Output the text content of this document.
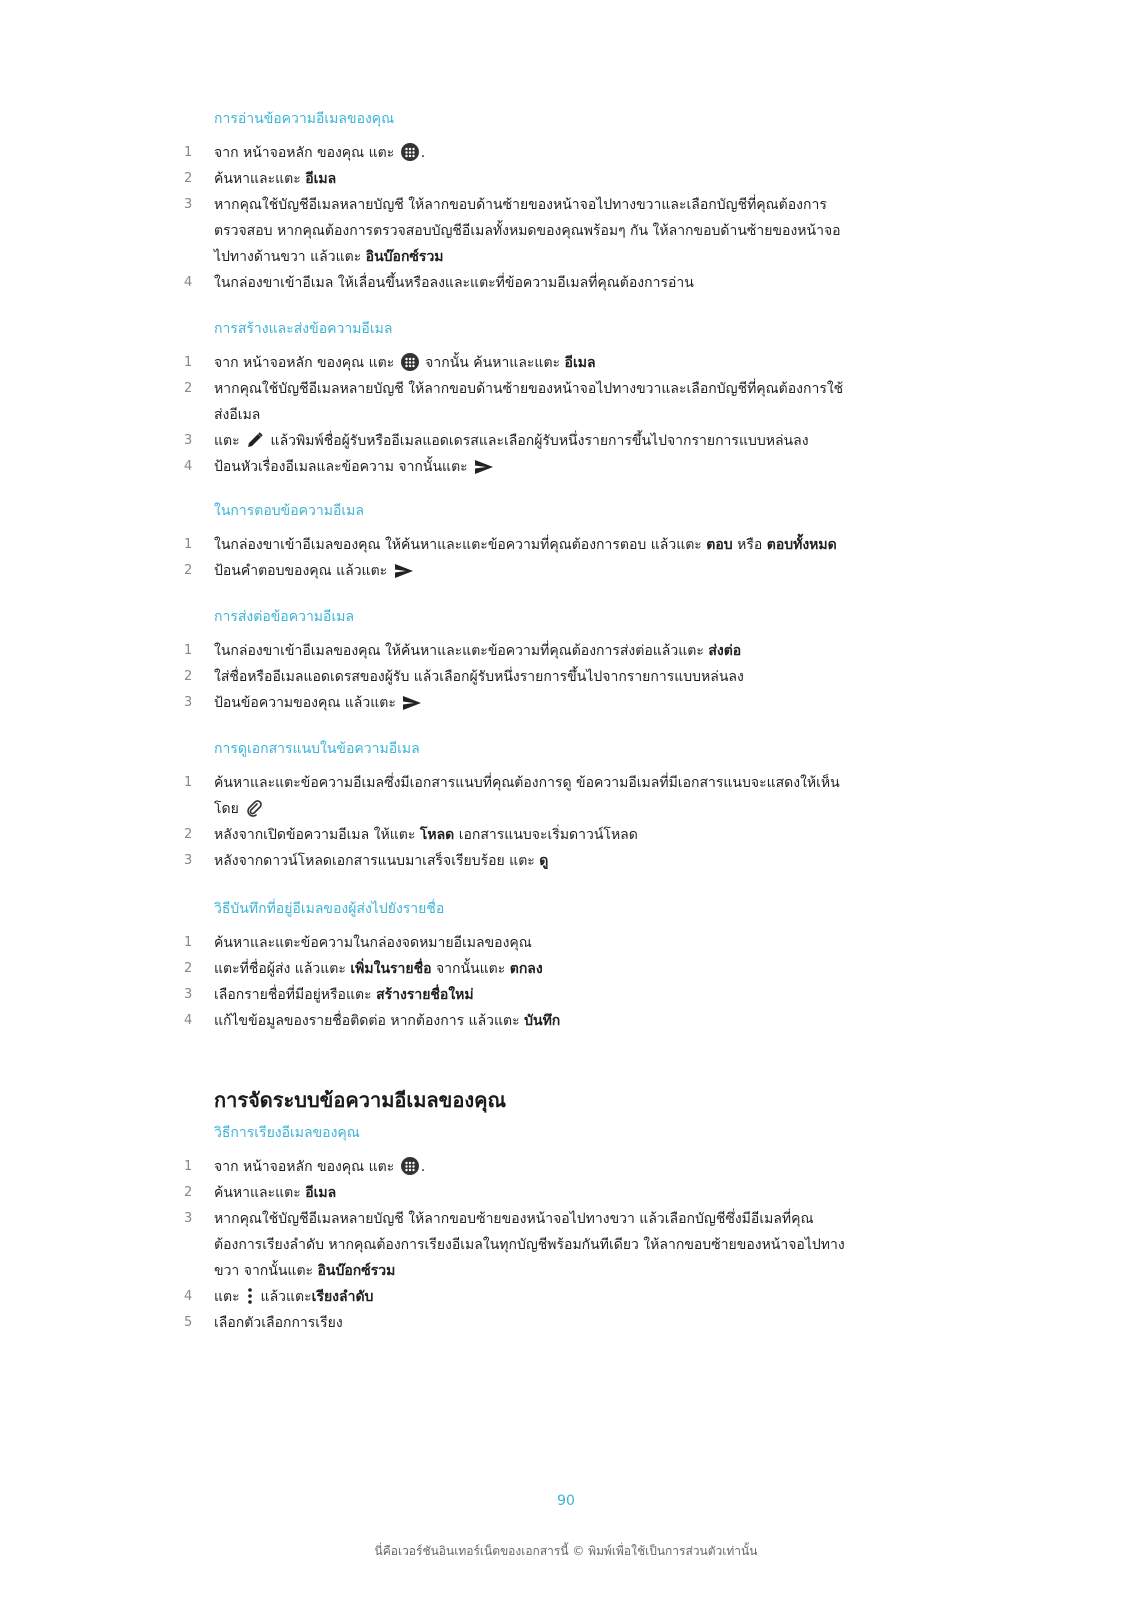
การอ่านข้อความอีเมลของคุณ
1	จาก หน้าจอหลัก ของคุณ แตะ .
2	ค้นหาและแตะ อีเมล
3	หากคุณใช้บัญชีอีเมลหลายบัญชี ให้ลากขอบด้านซ้ายของหน้าจอไปทางขวาและเลือกบัญชีที่คุณต้องการ
ตรวจสอบ หากคุณต้องการตรวจสอบบัญชีอีเมลทั้งหมดของคุณพร้อมๆ กัน ให้ลากขอบด้านซ้ายของหน้าจอ
ไปทางด้านขวา แล้วแตะ อินบ๊อกซ์รวม
4	ในกล่องขาเข้าอีเมล ให้เลื่อนขึ้นหรือลงและแตะที่ข้อความอีเมลที่คุณต้องการอ่าน
การสร้างและส่งข้อความอีเมล
1	จาก หน้าจอหลัก ของคุณ แตะ  จากนั้น ค้นหาและแตะ อีเมล
2	หากคุณใช้บัญชีอีเมลหลายบัญชี ให้ลากขอบด้านซ้ายของหน้าจอไปทางขวาและเลือกบัญชีที่คุณต้องการใช้
ส่งอีเมล
3	แตะ  แล้วพิมพ์ชื่อผู้รับหรืออีเมลแอดเดรสและเลือกผู้รับหนึ่งรายการขึ้นไปจากรายการแบบหล่นลง
4	ป้อนหัวเรื่องอีเมลและข้อความ จากนั้นแตะ
ในการตอบข้อความอีเมล
1	ในกล่องขาเข้าอีเมลของคุณ ให้ค้นหาและแตะข้อความที่คุณต้องการตอบ แล้วแตะ ตอบ หรือ ตอบทั้งหมด
2	ป้อนคำตอบของคุณ แล้วแตะ
การส่งต่อข้อความอีเมล
1	ในกล่องขาเข้าอีเมลของคุณ ให้ค้นหาและแตะข้อความที่คุณต้องการส่งต่อแล้วแตะ ส่งต่อ
2	ใส่ชื่อหรืออีเมลแอดเดรสของผู้รับ แล้วเลือกผู้รับหนึ่งรายการขึ้นไปจากรายการแบบหล่นลง
3	ป้อนข้อความของคุณ แล้วแตะ
การดูเอกสารแนบในข้อความอีเมล
1	ค้นหาและแตะข้อความอีเมลซึ่งมีเอกสารแนบที่คุณต้องการดู ข้อความอีเมลที่มีเอกสารแนบจะแสดงให้เห็น
โดย
2	หลังจากเปิดข้อความอีเมล ให้แตะ โหลด เอกสารแนบจะเริ่มดาวน์โหลด
3	หลังจากดาวน์โหลดเอกสารแนบมาเสร็จเรียบร้อย แตะ ดู
วิธีบันทึกที่อยู่อีเมลของผู้ส่งไปยังรายชื่อ
1	ค้นหาและแตะข้อความในกล่องจดหมายอีเมลของคุณ
2	แตะที่ชื่อผู้ส่ง แล้วแตะ เพิ่มในรายชื่อ จากนั้นแตะ ตกลง
3	เลือกรายชื่อที่มีอยู่หรือแตะ สร้างรายชื่อใหม่
4	แก้ไขข้อมูลของรายชื่อติดต่อ หากต้องการ แล้วแตะ บันทึก
การจัดระบบข้อความอีเมลของคุณ
วิธีการเรียงอีเมลของคุณ
1	จาก หน้าจอหลัก ของคุณ แตะ .
2	ค้นหาและแตะ อีเมล
3	หากคุณใช้บัญชีอีเมลหลายบัญชี ให้ลากขอบซ้ายของหน้าจอไปทางขวา แล้วเลือกบัญชีซึ่งมีอีเมลที่คุณ
ต้องการเรียงลำดับ หากคุณต้องการเรียงอีเมลในทุกบัญชีพร้อมกันทีเดียว ให้ลากขอบซ้ายของหน้าจอไปทาง
ขวา จากนั้นแตะ อินบ๊อกซ์รวม
4	แตะ  แล้วแตะเรียงลำดับ
5	เลือกตัวเลือกการเรียง
90
นี่คือเวอร์ชันอินเทอร์เน็ตของเอกสารนี้ © พิมพ์เพื่อใช้เป็นการส่วนตัวเท่านั้น
